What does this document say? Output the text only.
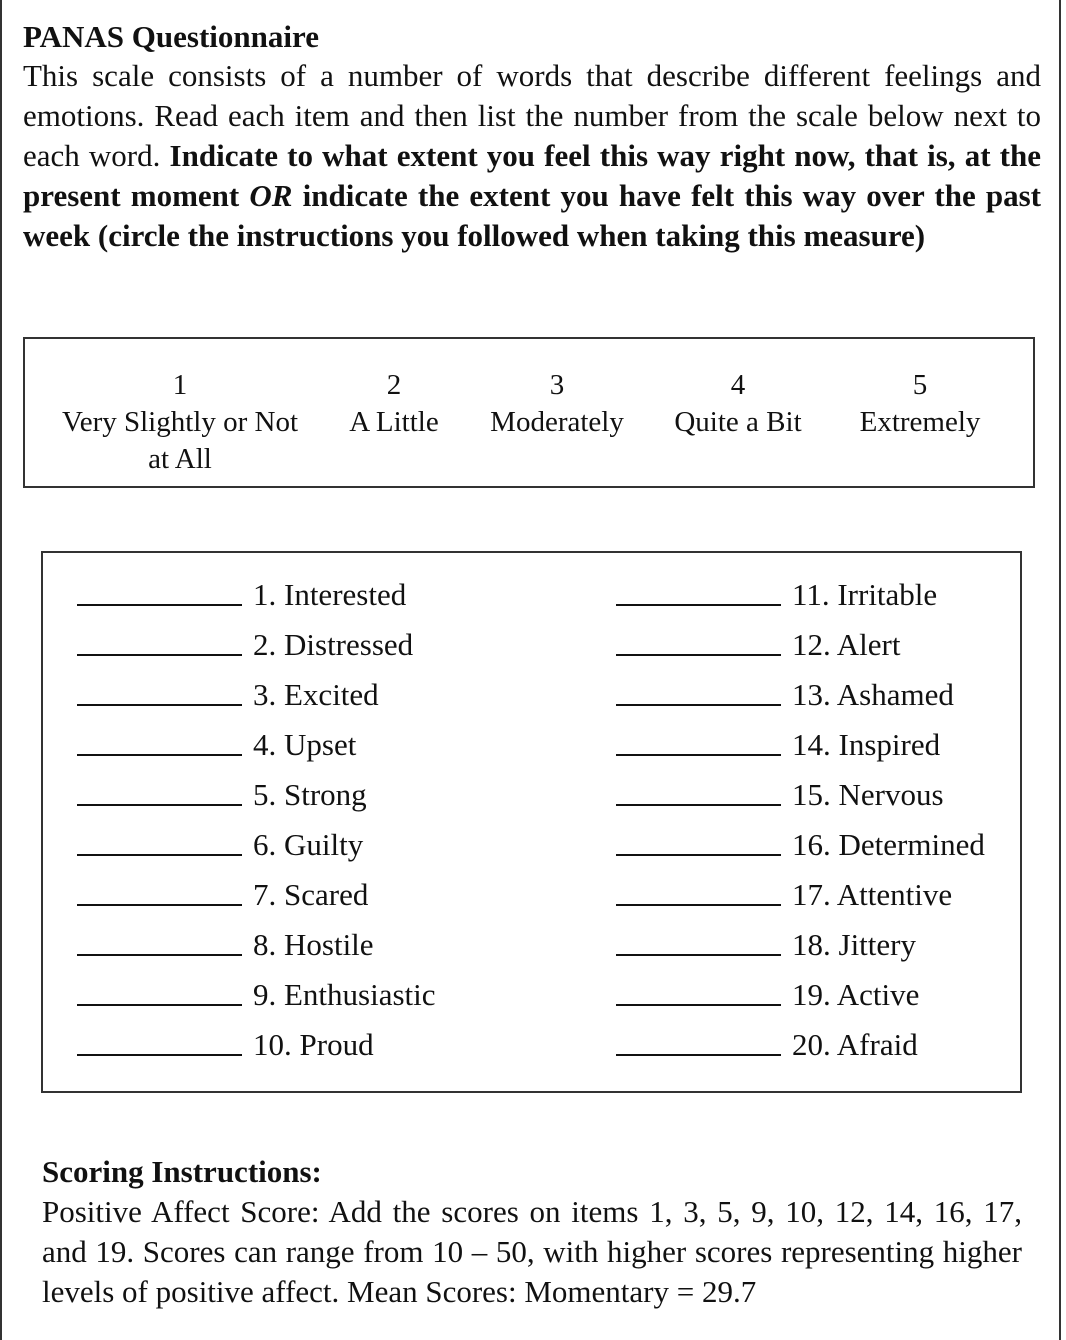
PANAS Questionnaire

This scale consists of a number of words that describe different feelings and emotions. Read each item and then list the number from the scale below next to each word. Indicate to what extent you feel this way right now, that is, at the present moment OR indicate the extent you have felt this way over the past week (circle the instructions you followed when taking this measure)

1
Very Slightly or Not
at All
2
A Little
3
Moderately
4
Quite a Bit
5
Extremely
1. Interested
2. Distressed
3. Excited
4. Upset
5. Strong
6. Guilty
7. Scared
8. Hostile
9. Enthusiastic
10. Proud
11. Irritable
12. Alert
13. Ashamed
14. Inspired
15. Nervous
16. Determined
17. Attentive
18. Jittery
19. Active
20. Afraid
Scoring Instructions:

Positive Affect Score: Add the scores on items 1, 3, 5, 9, 10, 12, 14, 16, 17, and 19. Scores can range from 10 – 50, with higher scores representing higher levels of positive affect. Mean Scores: Momentary = 29.7
